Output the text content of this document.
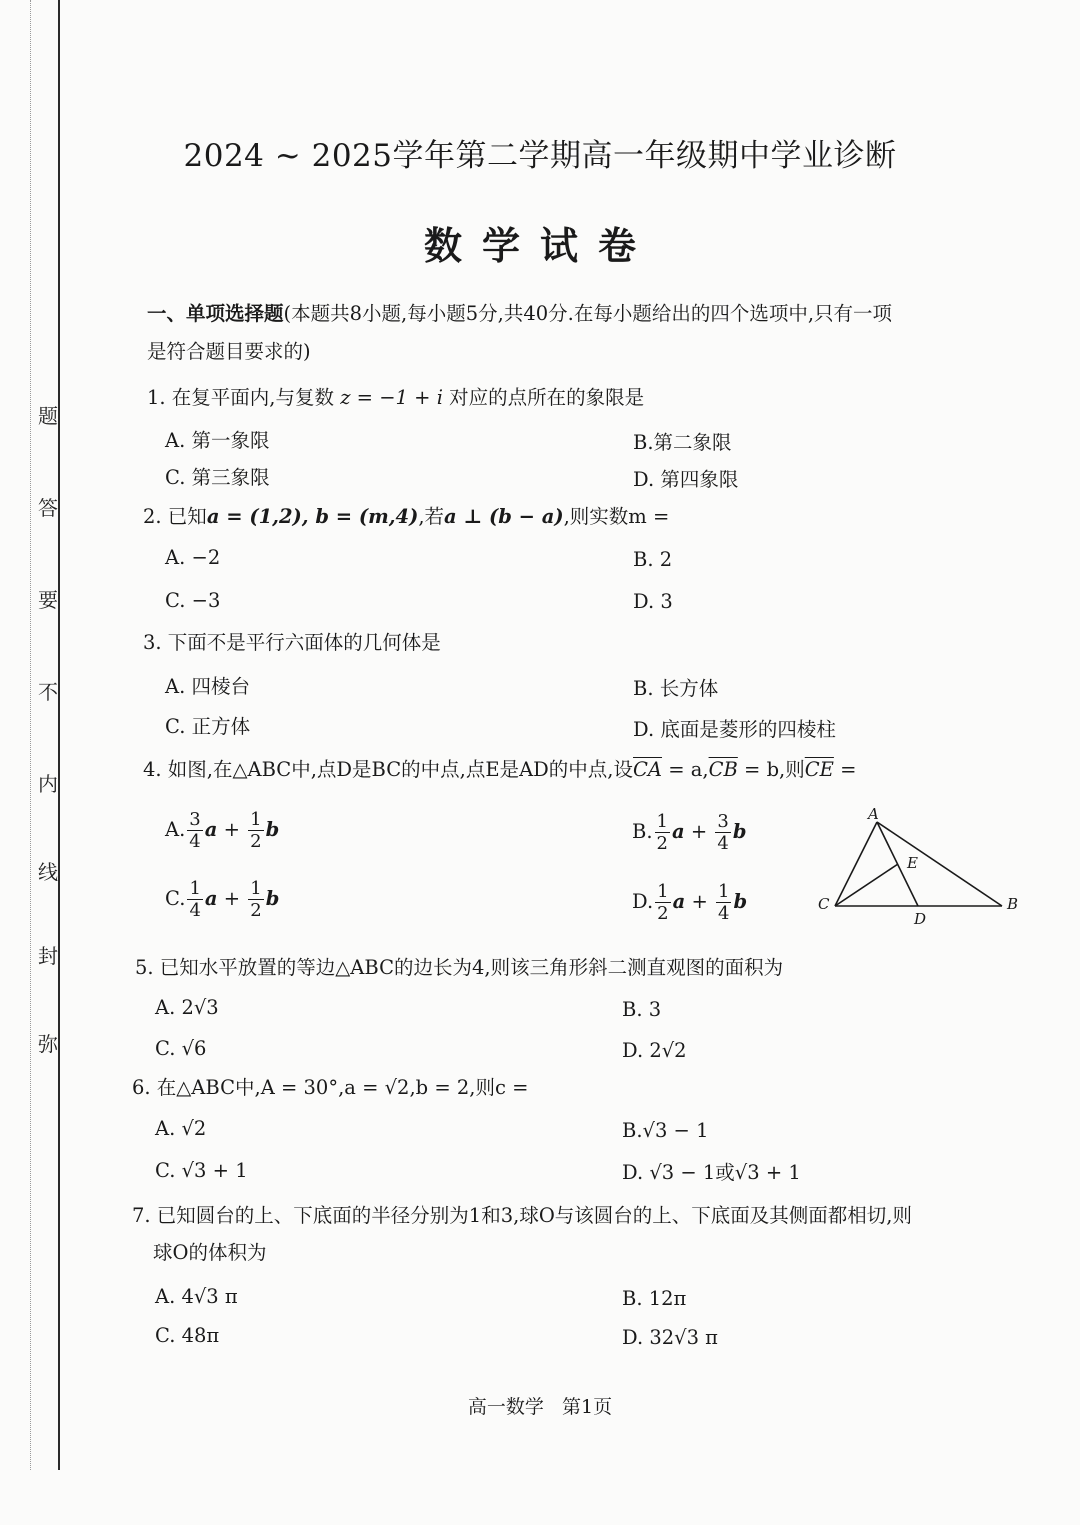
题
答
要
不
内
线
封
弥
2024 ~ 2025学年第二学期高一年级期中学业诊断
数学试卷
一、单项选择题(本题共8小题,每小题5分,共40分.在每小题给出的四个选项中,只有一项
是符合题目要求的)
1. 在复平面内,与复数 z = −1 + i 对应的点所在的象限是
A. 第一象限	B.第二象限
C. 第三象限	D. 第四象限
2. 已知a = (1,2), b = (m,4),若a ⊥ (b − a),则实数m =
A. −2	B. 2
C. −3	D. 3
3. 下面不是平行六面体的几何体是
A. 四棱台	B. 长方体
C. 正方体	D. 底面是菱形的四棱柱
4. 如图,在△ABC中,点D是BC的中点,点E是AD的中点,设$\overline{CA} = a,\overline{CB} = b$,则$\overline{CE}$ =
A. $\frac{3}{4}$ $a + \frac{1}{2}$ b	B. $\frac{1}{2}$ $a + \frac{3}{4}$ b
C. $\frac{1}{4}$ $a + \frac{1}{2}$ b	D. $\frac{1}{2}$ $a + \frac{1}{4}$ b
A
C	B
D
E
5. 已知水平放置的等边△ABC的边长为4,则该三角形斜二测直观图的面积为
A. 2√3	B. 3
C. √6	D. 2√2
6. 在△ABC中,A = 30°,a = √2,b = 2,则c =
A. √2	B.√3 − 1
C. √3 + 1	D. √3 − 1或√3 + 1
7. 已知圆台的上、下底面的半径分别为1和3,球O与该圆台的上、下底面及其侧面都相切,则
球O的体积为
A. 4√3 π	B. 12π
C. 48π	D. 32√3 π
高一数学   第1页
